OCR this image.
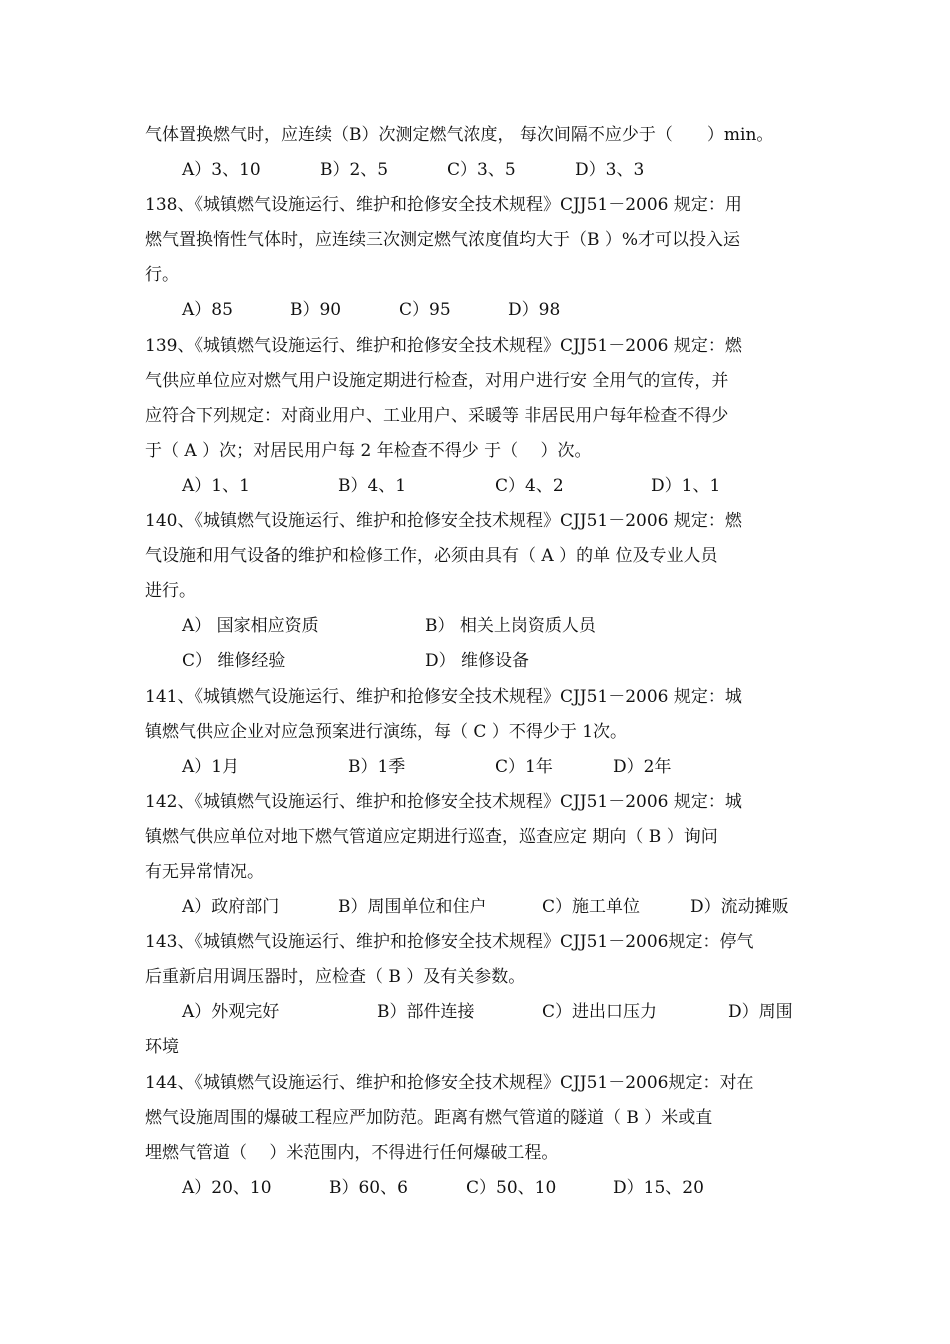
气体置换燃气时，应连续（B）次测定燃气浓度， 每次间隔不应少于（　　）min。
A）3、10	B）2、5	C）3、5	D）3、3
138、《城镇燃气设施运行、维护和抢修安全技术规程》CJJ51－2006 规定：用
燃气置换惰性气体时，应连续三次测定燃气浓度值均大于（B ）%才可以投入运
行。
A）85	B）90	C）95	D）98
139、《城镇燃气设施运行、维护和抢修安全技术规程》CJJ51－2006 规定：燃
气供应单位应对燃气用户设施定期进行检查，对用户进行安 全用气的宣传，并
应符合下列规定：对商业用户、工业用户、采暖等 非居民用户每年检查不得少
于（ A ）次；对居民用户每 2 年检查不得少 于（　 ）次。
A）1、1	B）4、1	C）4、2	D）1、1
140、《城镇燃气设施运行、维护和抢修安全技术规程》CJJ51－2006 规定：燃
气设施和用气设备的维护和检修工作，必须由具有（ A ）的单 位及专业人员
进行。
A） 国家相应资质	B） 相关上岗资质人员
C） 维修经验	D） 维修设备
141、《城镇燃气设施运行、维护和抢修安全技术规程》CJJ51－2006 规定：城
镇燃气供应企业对应急预案进行演练，每（ C ）不得少于 1次。
A）1月	B）1季	C）1年	D）2年
142、《城镇燃气设施运行、维护和抢修安全技术规程》CJJ51－2006 规定：城
镇燃气供应单位对地下燃气管道应定期进行巡查，巡查应定 期向（ B ）询问
有无异常情况。
A）政府部门	B）周围单位和住户	C）施工单位	D）流动摊贩
143、《城镇燃气设施运行、维护和抢修安全技术规程》CJJ51－2006规定：停气
后重新启用调压器时，应检查（ B ）及有关参数。
A）外观完好	B）部件连接	C）进出口压力	D）周围
环境
144、《城镇燃气设施运行、维护和抢修安全技术规程》CJJ51－2006规定：对在
燃气设施周围的爆破工程应严加防范。距离有燃气管道的隧道（ B ）米或直
埋燃气管道（　 ）米范围内，不得进行任何爆破工程。
A）20、10	B）60、6	C）50、10	D）15、20
